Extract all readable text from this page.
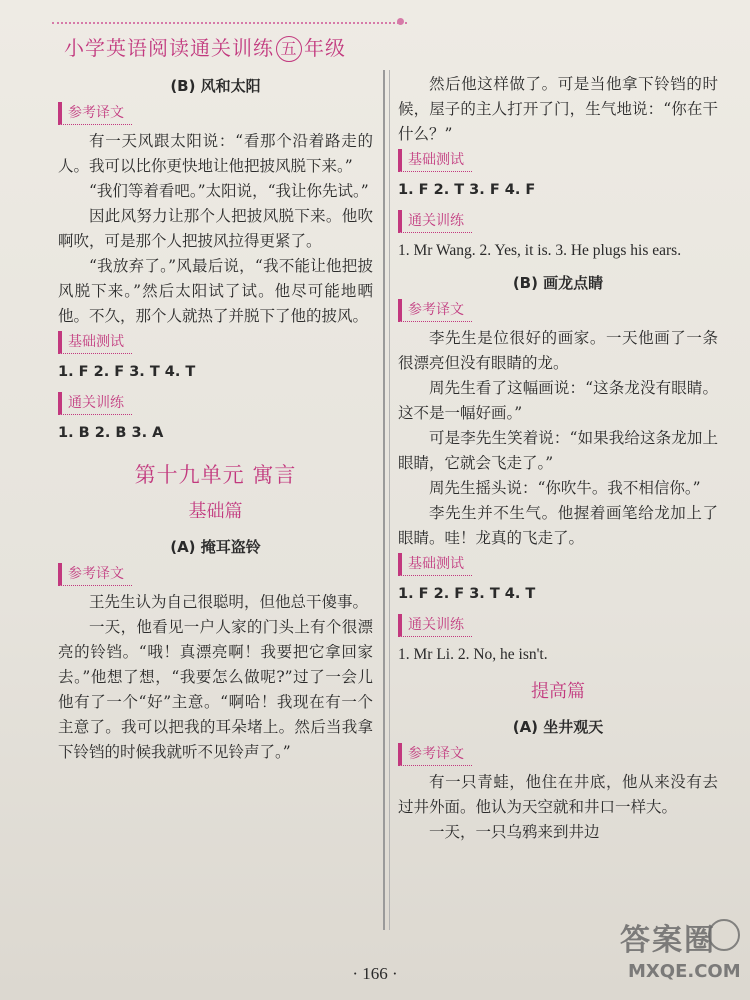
小学英语阅读通关训练 五 年级
(B) 风和太阳
参考译文

有一天风跟太阳说：“看那个沿着路走的人。我可以比你更快地让他把披风脱下来。”

“我们等着看吧。”太阳说，“我让你先试。”

因此风努力让那个人把披风脱下来。他吹啊吹，可是那个人把披风拉得更紧了。

“我放弃了。”风最后说，“我不能让他把披风脱下来。”然后太阳试了试。他尽可能地晒他。不久，那个人就热了并脱下了他的披风。

基础测试
1. F 2. F 3. T 4. T
通关训练
1. B 2. B 3. A
第十九单元 寓言
基础篇
(A) 掩耳盗铃
参考译文

王先生认为自己很聪明，但他总干傻事。

一天，他看见一户人家的门头上有个很漂亮的铃铛。“哦！真漂亮啊！我要把它拿回家去。”他想了想，“我要怎么做呢?”过了一会儿他有了一个“好”主意。“啊哈！我现在有一个主意了。我可以把我的耳朵堵上。然后当我拿下铃铛的时候我就听不见铃声了。”

然后他这样做了。可是当他拿下铃铛的时候，屋子的主人打开了门，生气地说：“你在干什么？”

基础测试
1. F 2. T 3. F 4. F
通关训练
1. Mr Wang. 2. Yes, it is. 3. He plugs his ears.
(B) 画龙点睛
参考译文

李先生是位很好的画家。一天他画了一条很漂亮但没有眼睛的龙。

周先生看了这幅画说：“这条龙没有眼睛。这不是一幅好画。”

可是李先生笑着说：“如果我给这条龙加上眼睛，它就会飞走了。”

周先生摇头说：“你吹牛。我不相信你。”

李先生并不生气。他握着画笔给龙加上了眼睛。哇！龙真的飞走了。

基础测试
1. F 2. F 3. T 4. T
通关训练
1. Mr Li. 2. No, he isn't.
提高篇
(A) 坐井观天
参考译文

有一只青蛙，他住在井底，他从来没有去过井外面。他认为天空就和井口一样大。

一天，一只乌鸦来到井边

· 166 ·
答案圈
MXQE.COM
